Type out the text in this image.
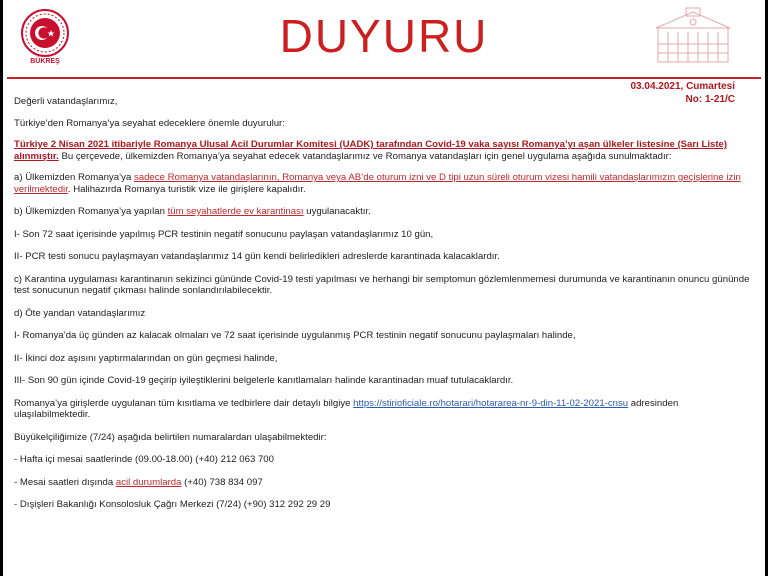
BÜKREŞ	DUYURU
03.04.2021, Cumartesi
No: 1-21/C

Değerli vatandaşlarımız,

Türkiye’den Romanya’ya seyahat edeceklere önemle duyurulur:

Türkiye 2 Nisan 2021 itibariyle Romanya Ulusal Acil Durumlar Komitesi (UADK) tarafından Covid-19 vaka sayısı Romanya’yı aşan ülkeler listesine (Sarı Liste) alınmıştır. Bu çerçevede, ülkemizden Romanya’ya seyahat edecek vatandaşlarımız ve Romanya vatandaşları için genel uygulama aşağıda sunulmaktadır:

a) Ülkemizden Romanya’ya sadece Romanya vatandaşlarının, Romanya veya AB’de oturum izni ve D tipi uzun süreli oturum vizesi hamili vatandaşlarımızın geçişlerine izin verilmektedir. Halihazırda Romanya turistik vize ile girişlere kapalıdır.

b) Ülkemizden Romanya’ya yapılan tüm seyahatlerde ev karantinası uygulanacaktır.

I- Son 72 saat içerisinde yapılmış PCR testinin negatif sonucunu paylaşan vatandaşlarımız 10 gün,

II- PCR testi sonucu paylaşmayan vatandaşlarımız 14 gün kendi belirledikleri adreslerde karantinada kalacaklardır.

c) Karantina uygulaması karantinanın sekizinci gününde Covid-19 testi yapılması ve herhangi bir semptomun gözlemlenmemesi durumunda ve karantinanın onuncu gününde test sonucunun negatif çıkması halinde sonlandırılabilecektir.

d) Öte yandan vatandaşlarımız

I- Romanya’da üç günden az kalacak olmaları ve 72 saat içerisinde uygulanmış PCR testinin negatif sonucunu paylaşmaları halinde,

II- İkinci doz aşısını yaptırmalarından on gün geçmesi halinde,

III- Son 90 gün içinde Covid-19 geçirip iyileştiklerini belgelerle kanıtlamaları halinde karantinadan muaf tutulacaklardır.

Romanya’ya girişlerde uygulanan tüm kısıtlama ve tedbirlere dair detaylı bilgiye https://stirioficiale.ro/hotarari/hotararea-nr-9-din-11-02-2021-cnsu adresinden ulaşılabilmektedir.

Büyükelçiliğimize (7/24) aşağıda belirtilen numaralardan ulaşabilmektedir:

- Hafta içi mesai saatlerinde (09.00-18.00) (+40) 212 063 700

- Mesai saatleri dışında acil durumlarda (+40) 738 834 097

- Dışişleri Bakanlığı Konsolosluk Çağrı Merkezi (7/24) (+90) 312 292 29 29
